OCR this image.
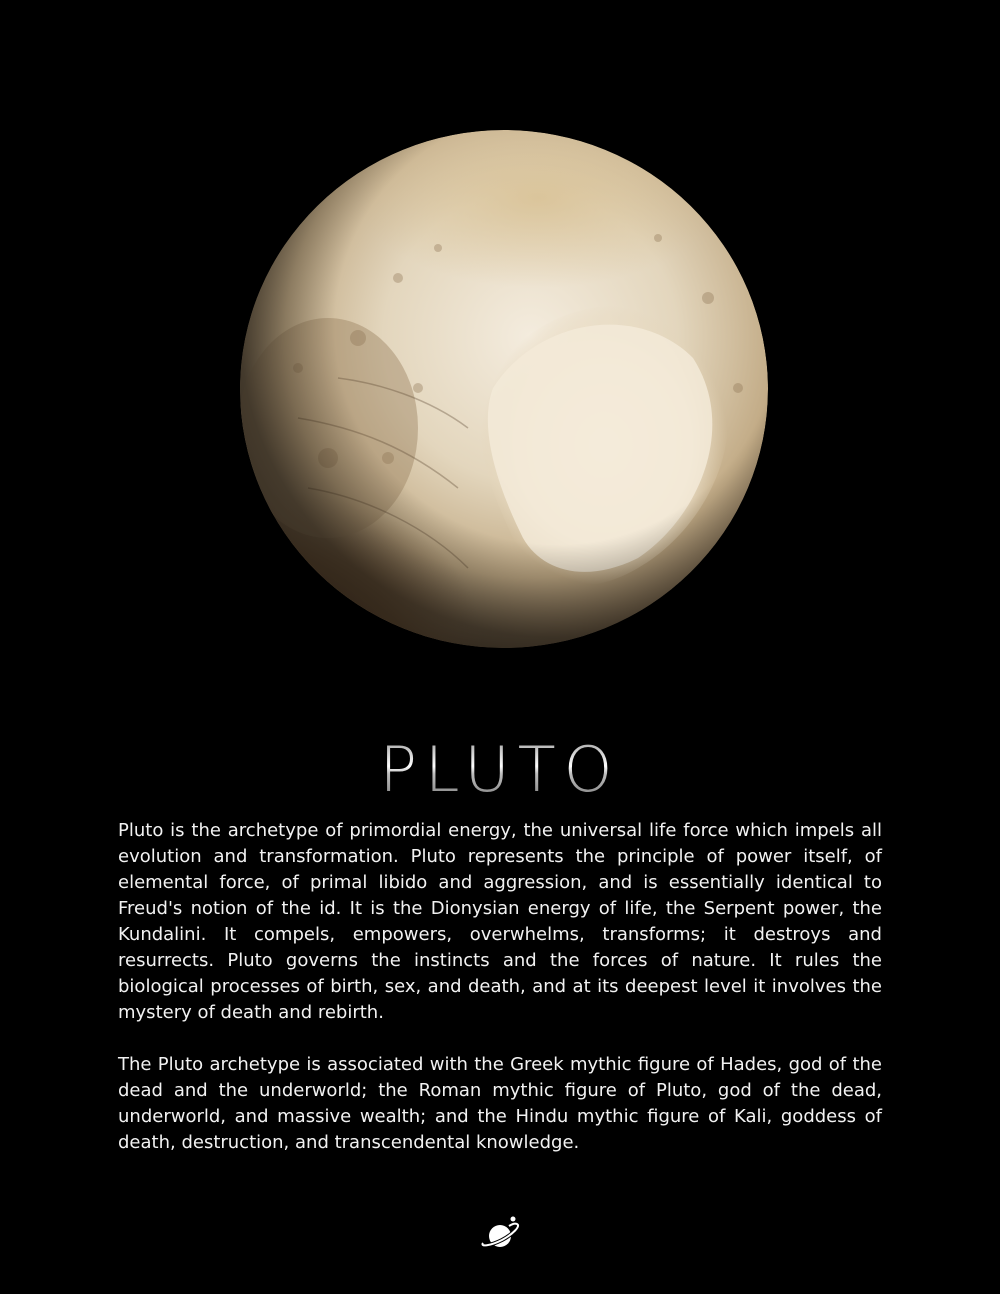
PLUTO

Pluto is the archetype of primordial energy, the universal life force which impels all evolution and transformation. Pluto represents the principle of power itself, of elemental force, of primal libido and aggression, and is essentially identical to Freud's notion of the id. It is the Dionysian energy of life, the Serpent power, the Kundalini. It compels, empowers, overwhelms, transforms; it destroys and resurrects. Pluto governs the instincts and the forces of nature. It rules the biological processes of birth, sex, and death, and at its deepest level it involves the mystery of death and rebirth.

The Pluto archetype is associated with the Greek mythic figure of Hades, god of the dead and the underworld; the Roman mythic figure of Pluto, god of the dead, underworld, and massive wealth; and the Hindu mythic figure of Kali, goddess of death, destruction, and transcendental knowledge.
